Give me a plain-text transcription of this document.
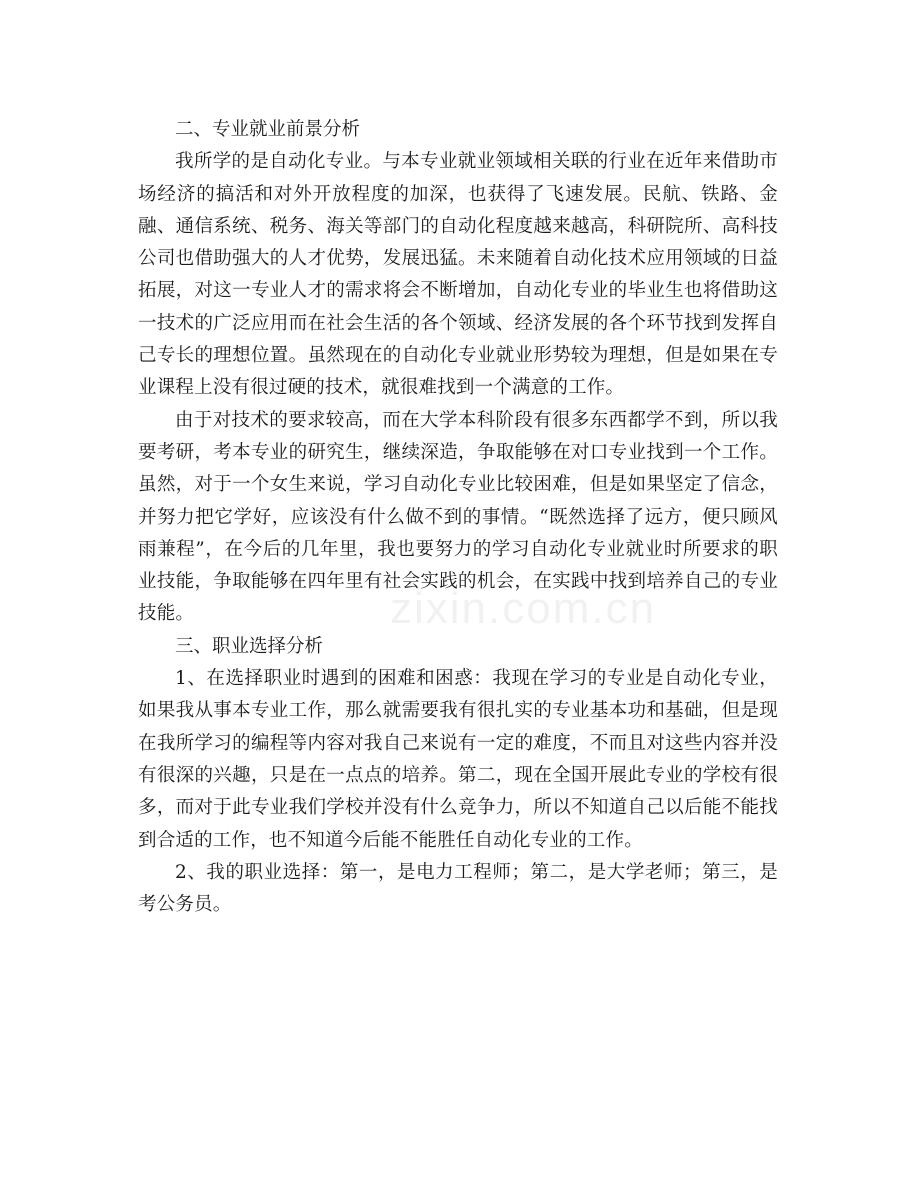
二、专业就业前景分析

我所学的是自动化专业。与本专业就业领域相关联的行业在近年来借助市场经济的搞活和对外开放程度的加深，也获得了飞速发展。民航、铁路、金融、通信系统、税务、海关等部门的自动化程度越来越高，科研院所、高科技公司也借助强大的人才优势，发展迅猛。未来随着自动化技术应用领域的日益拓展，对这一专业人才的需求将会不断增加，自动化专业的毕业生也将借助这一技术的广泛应用而在社会生活的各个领域、经济发展的各个环节找到发挥自己专长的理想位置。虽然现在的自动化专业就业形势较为理想，但是如果在专业课程上没有很过硬的技术，就很难找到一个满意的工作。

由于对技术的要求较高，而在大学本科阶段有很多东西都学不到，所以我要考研，考本专业的研究生，继续深造，争取能够在对口专业找到一个工作。虽然，对于一个女生来说，学习自动化专业比较困难，但是如果坚定了信念，并努力把它学好，应该没有什么做不到的事情。“既然选择了远方，便只顾风雨兼程”，在今后的几年里，我也要努力的学习自动化专业就业时所要求的职业技能，争取能够在四年里有社会实践的机会，在实践中找到培养自己的专业技能。

三、职业选择分析

1、在选择职业时遇到的困难和困惑：我现在学习的专业是自动化专业，如果我从事本专业工作，那么就需要我有很扎实的专业基本功和基础，但是现在我所学习的编程等内容对我自己来说有一定的难度，不而且对这些内容并没有很深的兴趣，只是在一点点的培养。第二，现在全国开展此专业的学校有很多，而对于此专业我们学校并没有什么竞争力，所以不知道自己以后能不能找到合适的工作，也不知道今后能不能胜任自动化专业的工作。

2、我的职业选择：第一，是电力工程师；第二，是大学老师；第三，是考公务员。

zixin.com.cn
